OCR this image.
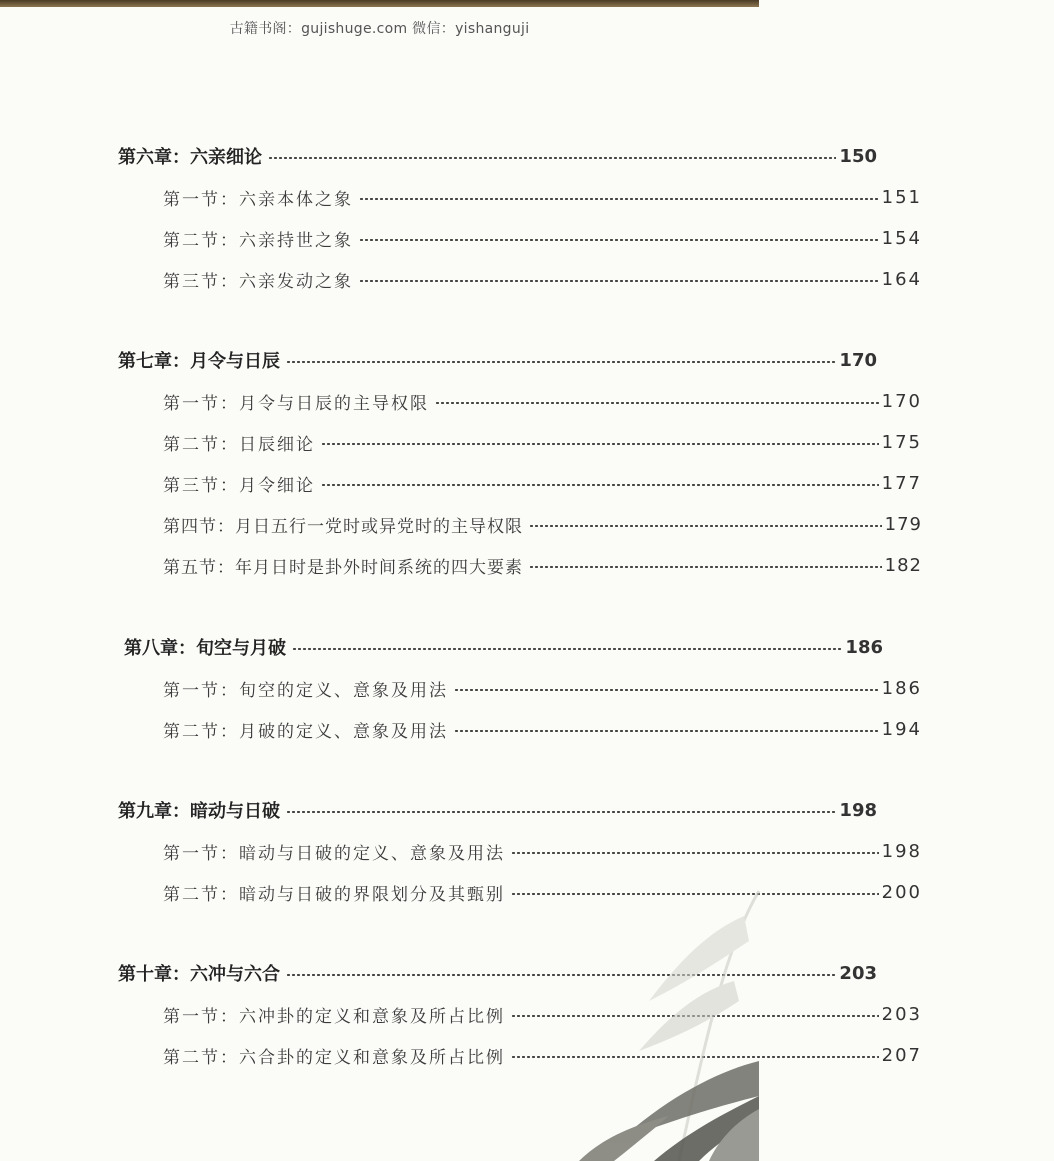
古籍书阁：gujishuge.com 微信：yishanguji
第六章：六亲细论	150
第一节：六亲本体之象	151
第二节：六亲持世之象	154
第三节：六亲发动之象	164
第七章：月令与日辰	170
第一节：月令与日辰的主导权限	170
第二节：日辰细论	175
第三节：月令细论	177
第四节：月日五行一党时或异党时的主导权限	179
第五节：年月日时是卦外时间系统的四大要素	182
第八章：旬空与月破	186
第一节：旬空的定义、意象及用法	186
第二节：月破的定义、意象及用法	194
第九章：暗动与日破	198
第一节：暗动与日破的定义、意象及用法	198
第二节：暗动与日破的界限划分及其甄别	200
第十章：六冲与六合	203
第一节：六冲卦的定义和意象及所占比例	203
第二节：六合卦的定义和意象及所占比例	207
